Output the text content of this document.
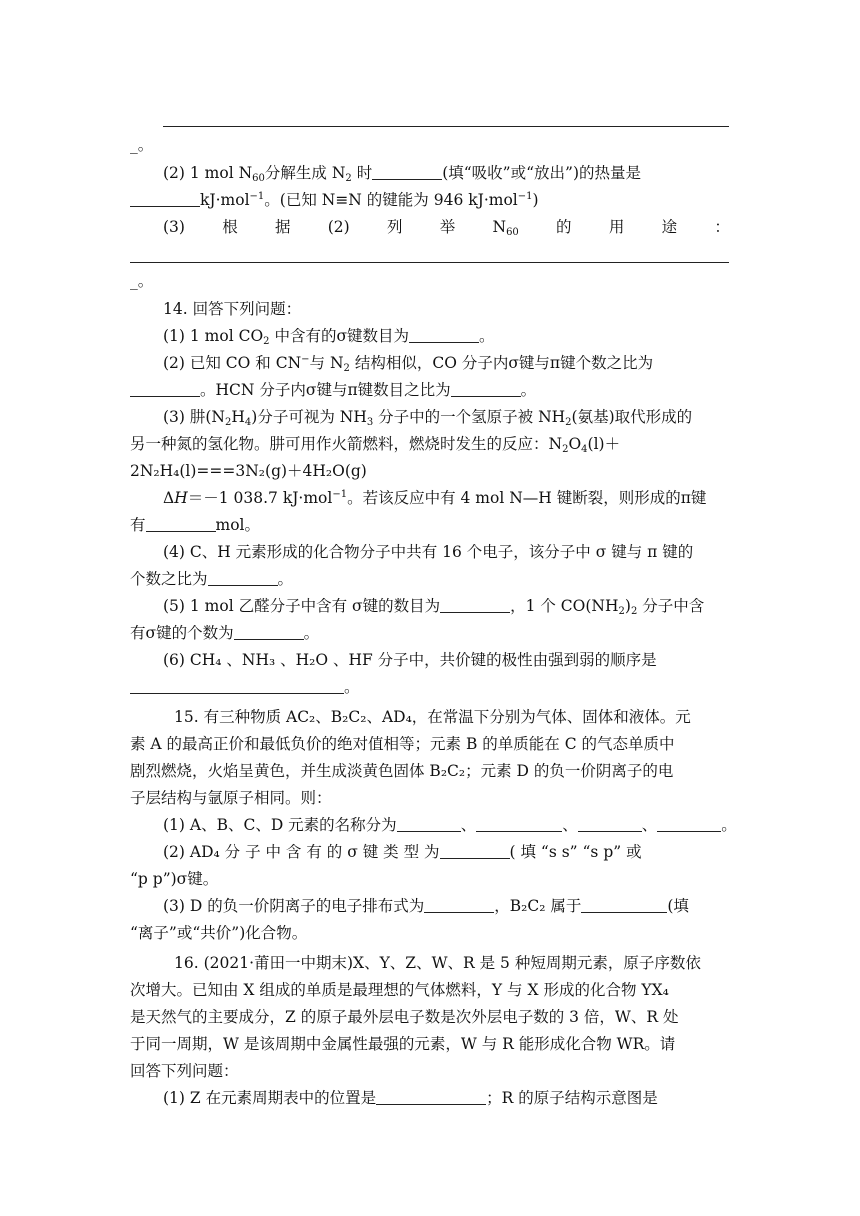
_。
(2) 1 mol $N_{60}$分解生成 $N_2$ 时	(填“吸收”或“放出”)的热量是
kJ·mol$^{-1}$。(已知 N≡N 的键能为 946 kJ·mol$^{-1}$)
(3) 根 据 (2) 列 举 $N_{60}$ 的 用 途 ：
_。
14. 回答下列问题：
(1) 1 mol $CO_2$ 中含有的σ键数目为	。
(2) 已知 CO 和 CN−与 $N_2$ 结构相似，CO 分子内σ键与π键个数之比为
。HCN 分子内σ键与π键数目之比为	。
(3) 肼$(N_2H_4)$分子可视为 $NH_3$ 分子中的一个氢原子被 $NH_2$(氨基)取代形成的
另一种氮的氢化物。肼可用作火箭燃料，燃烧时发生的反应：$N_2O_4(l)+$
2N₂H₄(l)===3N₂(g)＋4H₂O(g)
ΔH＝－1 038.7 kJ·mol$^{-1}$。若该反应中有 4 mol N—H 键断裂，则形成的π键
有	mol。
(4) C、H 元素形成的化合物分子中共有 16 个电子，该分子中 σ 键与 π 键的
个数之比为	。
(5) 1 mol 乙醛分子中含有 σ键的数目为	，1 个 $CO(NH_2)_2$ 分子中含
有σ键的个数为	。
(6) CH₄ 、NH₃ 、H₂O 、HF 分子中，共价键的极性由强到弱的顺序是
。
15. 有三种物质 AC₂、B₂C₂、AD₄，在常温下分别为气体、固体和液体。元
素 A 的最高正价和最低负价的绝对值相等；元素 B 的单质能在 C 的气态单质中
剧烈燃烧，火焰呈黄色，并生成淡黄色固体 B₂C₂；元素 D 的负一价阴离子的电
子层结构与氩原子相同。则：
(1) A、B、C、D 元素的名称分为	、	、	、	。
(2) AD₄ 分 子 中 含 有 的 σ 键 类 型 为	( 填 “s s” “s p” 或
“p p”)σ键。
(3) D 的负一价阴离子的电子排布式为	，B₂C₂ 属于	(填
“离子”或“共价”)化合物。
16. (2021·莆田一中期末)X、Y、Z、W、R 是 5 种短周期元素，原子序数依
次增大。已知由 X 组成的单质是最理想的气体燃料，Y 与 X 形成的化合物 YX₄
是天然气的主要成分，Z 的原子最外层电子数是次外层电子数的 3 倍，W、R 处
于同一周期，W 是该周期中金属性最强的元素，W 与 R 能形成化合物 WR。请
回答下列问题：
(1) Z 在元素周期表中的位置是	；R 的原子结构示意图是
